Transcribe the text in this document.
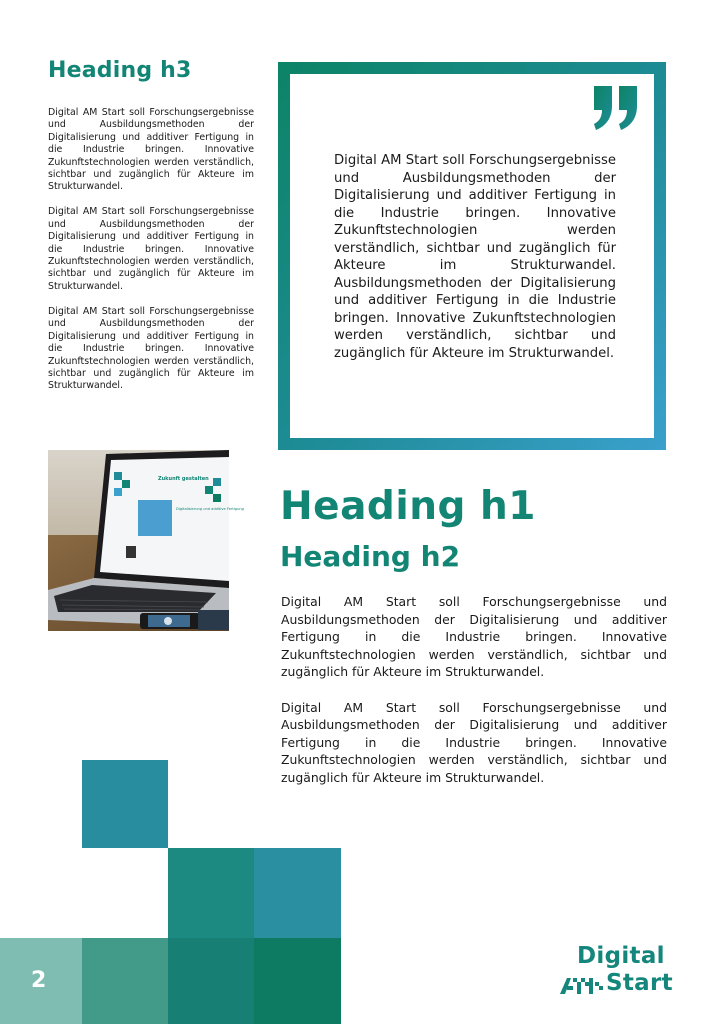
Heading h3

Digital AM Start soll Forschungsergebnisse und Ausbildungsmethoden der Digitalisierung und additiver Fertigung in die Industrie bringen. Innovative Zukunftstechnologien werden verständlich, sichtbar und zugänglich für Akteure im Strukturwandel.

Digital AM Start soll Forschungsergebnisse und Ausbildungsmethoden der Digitalisierung und additiver Fertigung in die Industrie bringen. Innovative Zukunftstechnologien werden verständlich, sichtbar und zugänglich für Akteure im Strukturwandel.

Digital AM Start soll Forschungsergebnisse und Ausbildungsmethoden der Digitalisierung und additiver Fertigung in die Industrie bringen. Innovative Zukunftstechnologien werden verständlich, sichtbar und zugänglich für Akteure im Strukturwandel.

Digital AM Start soll Forschungsergebnisse und Ausbildungsmethoden der Digitalisierung und additiver Fertigung in die Industrie bringen. Innovative Zukunftstechnologien werden verständlich, sichtbar und zugänglich für Akteure im Strukturwandel. Ausbildungsmethoden der Digitalisierung und additiver Fertigung in die Industrie bringen. Innovative Zukunftstechnologien werden verständlich, sichtbar und zugänglich für Akteure im Strukturwandel.
Zukunft gestalten
Digitalisierung und additive Fertigung Heading h1
Heading h2

Digital AM Start soll Forschungsergebnisse und Ausbildungsmethoden der Digitalisierung und additiver Fertigung in die Industrie bringen. Innovative Zukunftstechnologien werden verständlich, sichtbar und zugänglich für Akteure im Strukturwandel.

Digital AM Start soll Forschungsergebnisse und Ausbildungsmethoden der Digitalisierung und additiver Fertigung in die Industrie bringen. Innovative Zukunftstechnologien werden verständlich, sichtbar und zugänglich für Akteure im Strukturwandel.

2
Digital
Start
